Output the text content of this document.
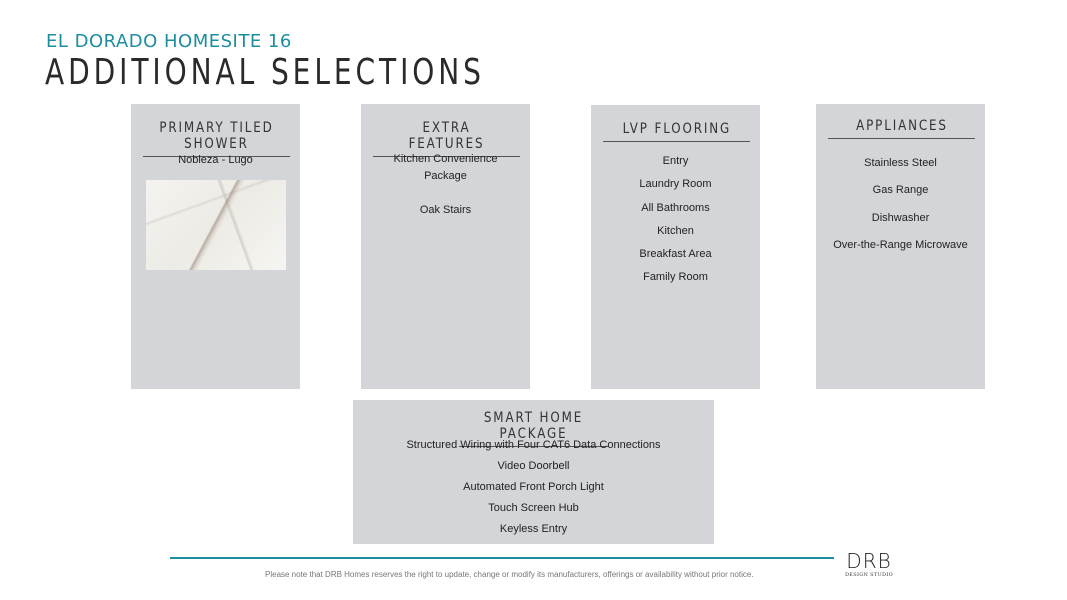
EL DORADO HOMESITE 16
ADDITIONAL SELECTIONS
PRIMARY TILED SHOWER
Nobleza - Lugo
EXTRA FEATURES
Kitchen Convenience Package
Oak Stairs
LVP FLOORING
Entry
Laundry Room
All Bathrooms
Kitchen
Breakfast Area
Family Room
APPLIANCES
Stainless Steel
Gas Range
Dishwasher
Over-the-Range Microwave
SMART HOME PACKAGE
Structured Wiring with Four CAT6 Data Connections
Video Doorbell
Automated Front Porch Light
Touch Screen Hub
Keyless Entry
Please note that DRB Homes reserves the right to update, change or modify its manufacturers, offerings or availability without prior notice.
DRB
DESIGN STUDIO
